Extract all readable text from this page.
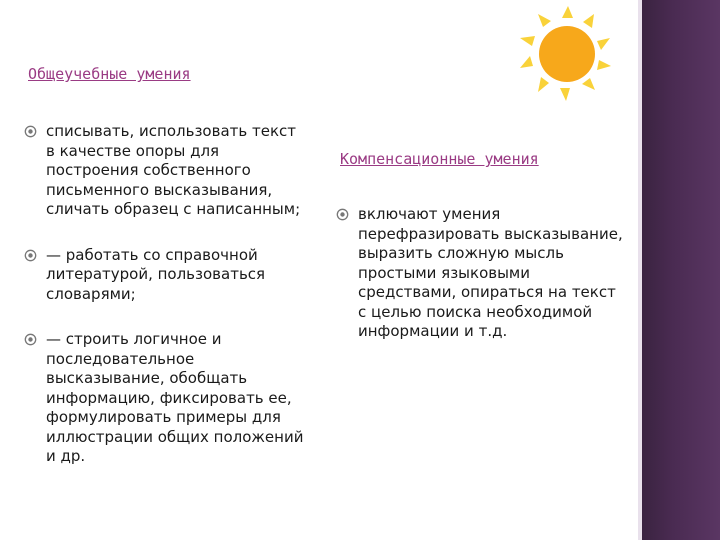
Общеучебные умения
списывать, использовать текст в качестве опоры для построения собственного письменного высказывания, сличать образец с написанным;
— работать со справочной литературой, пользоваться словарями;
— строить логичное и последовательное высказывание, обобщать информацию, фиксировать ее, формулировать примеры для иллюстрации общих положений и др.
Компенсационные умения
включают умения перефразировать высказывание, выразить сложную мысль простыми языковыми средствами, опираться на текст с целью поиска необходимой информации и т.д.
